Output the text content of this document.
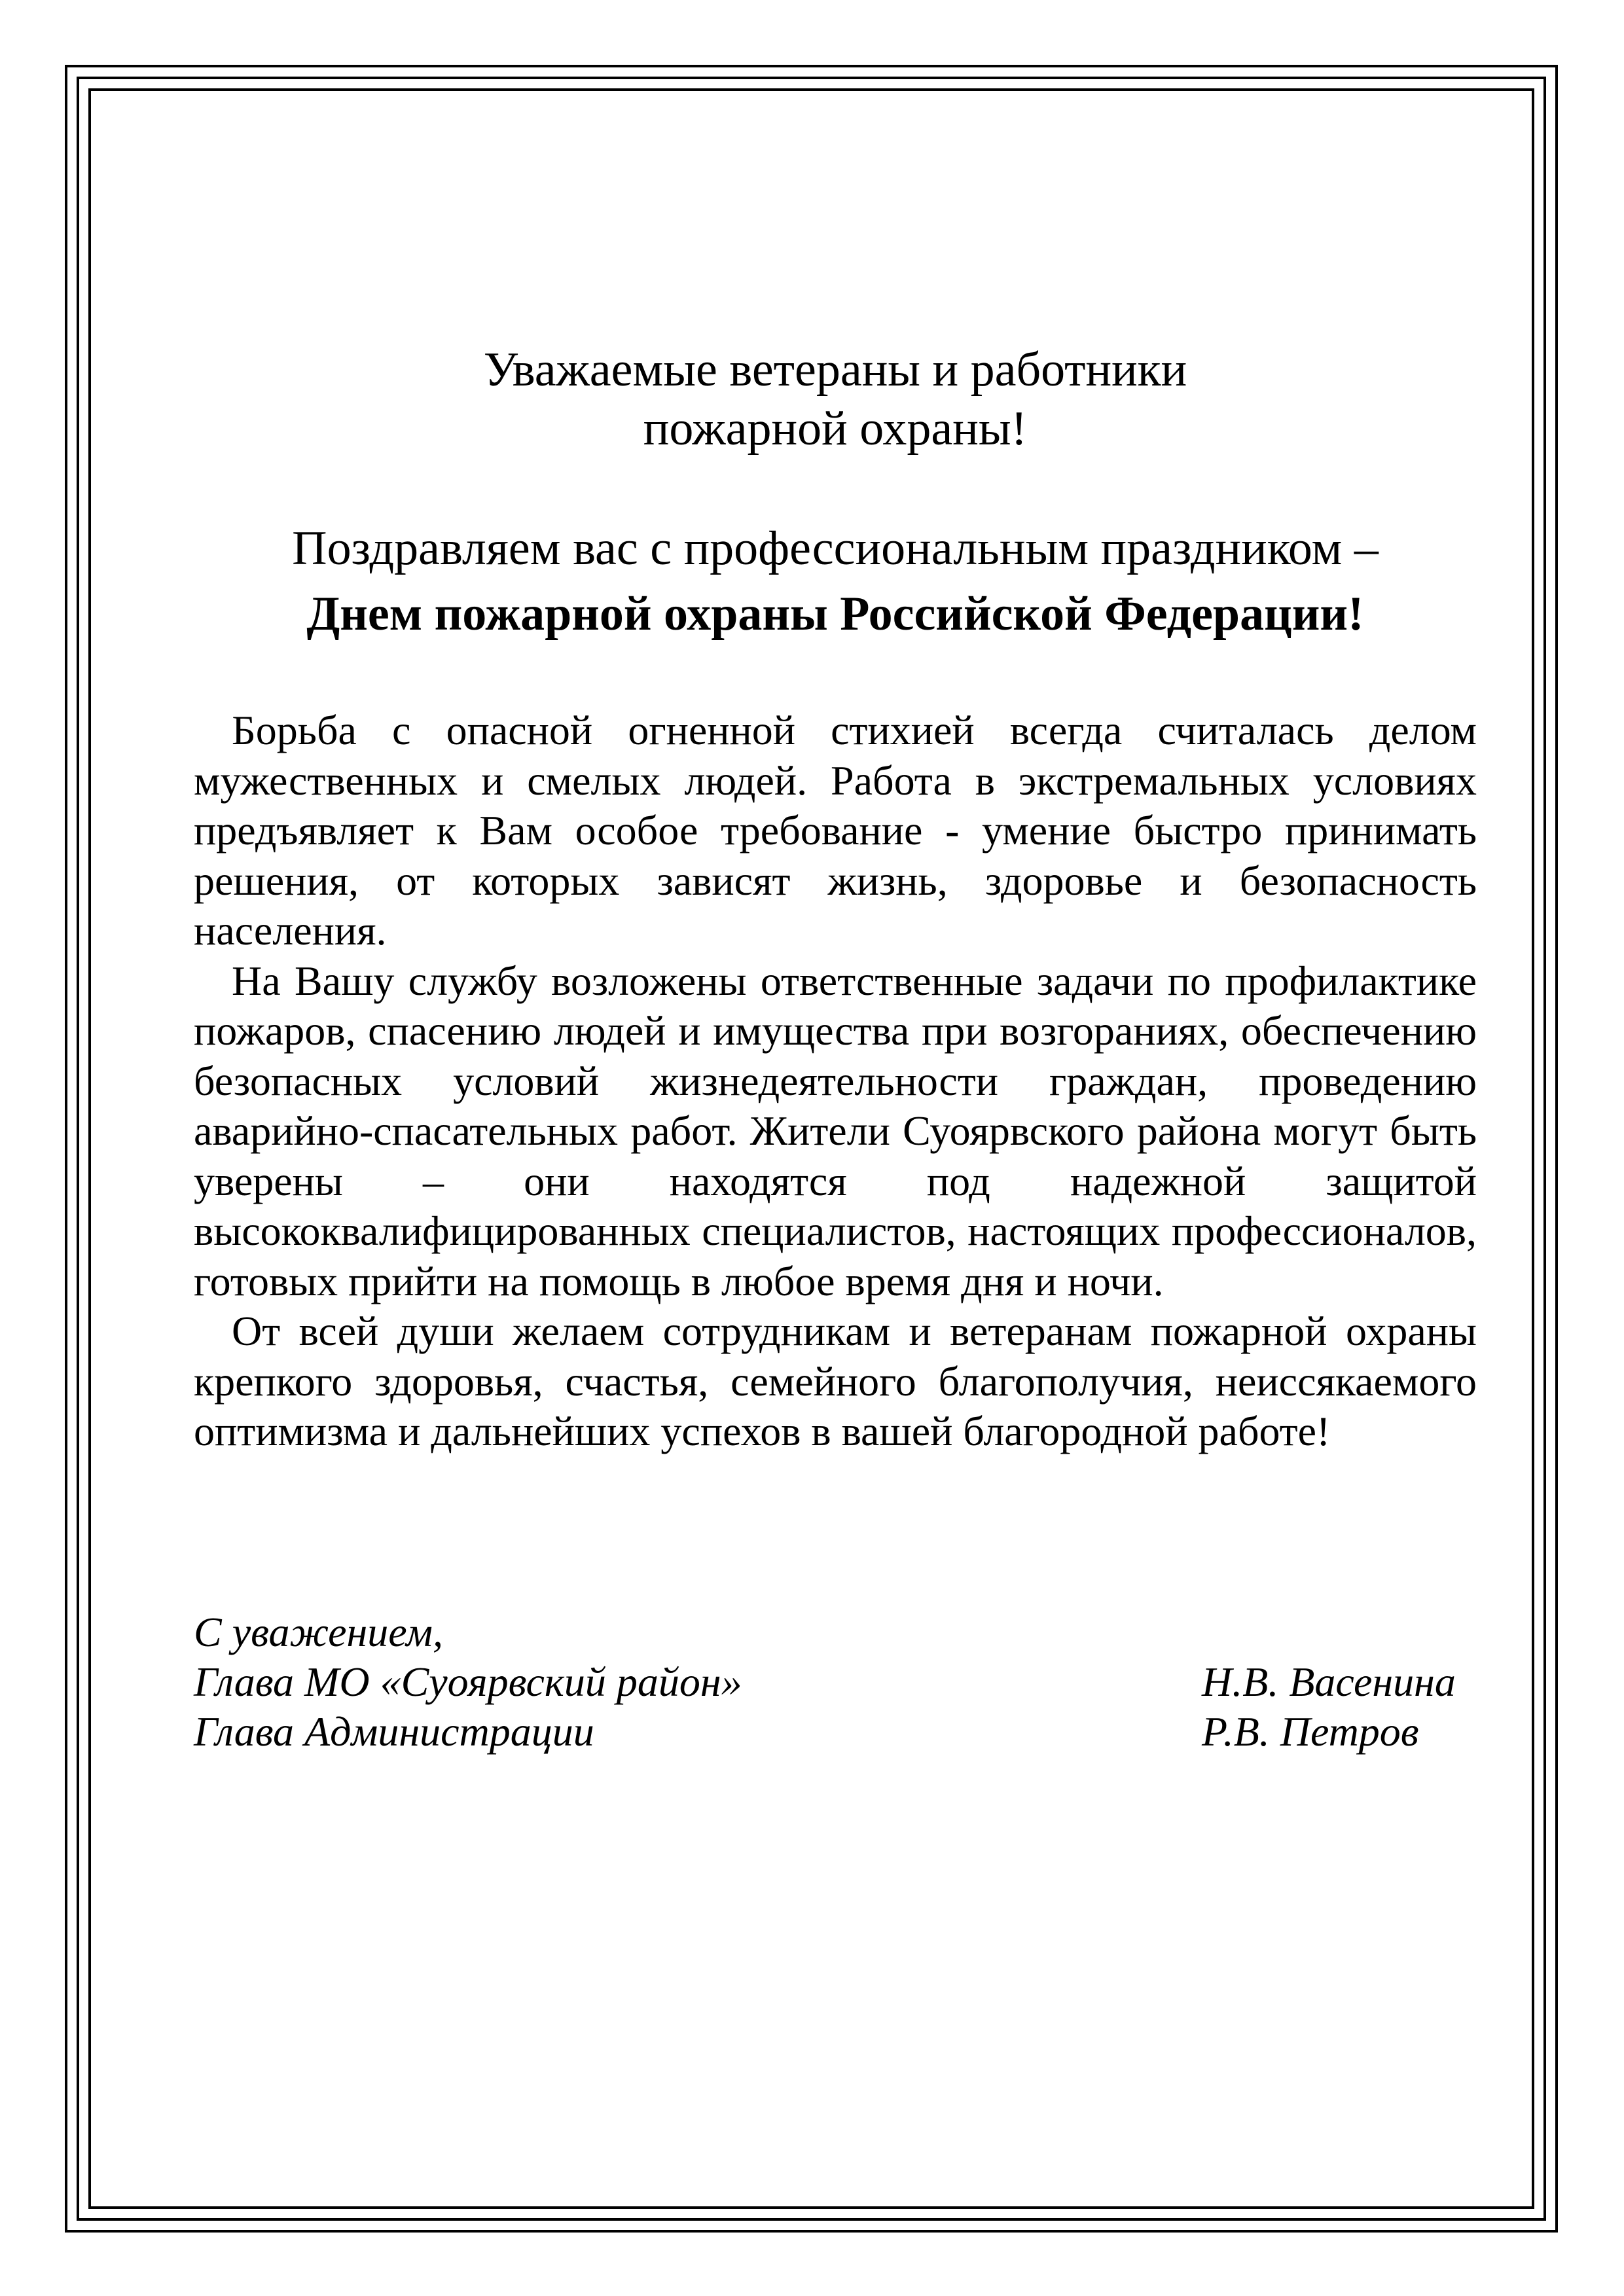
Уважаемые ветераны и работники
пожарной охраны!
Поздравляем вас с профессиональным праздником –
Днем пожарной охраны Российской Федерации!

Борьба с опасной огненной стихией всегда считалась делом мужественных и смелых людей. Работа в экстремальных условиях предъявляет к Вам особое требование - умение быстро принимать решения, от которых зависят жизнь, здоровье и безопасность населения.

На Вашу службу возложены ответственные задачи по профилактике пожаров, спасению людей и имущества при возгораниях, обеспечению безопасных условий жизнедеятельности граждан, проведению аварийно-спасательных работ. Жители Суоярвского района могут быть уверены – они находятся под надежной защитой высококвалифицированных специалистов, настоящих профессионалов, готовых прийти на помощь в любое время дня и ночи.

От всей души желаем сотрудникам и ветеранам пожарной охраны крепкого здоровья, счастья, семейного благополучия, неиссякаемого оптимизма и дальнейших успехов в вашей благородной работе!

С уважением,
Глава МО «Суоярвский район»	Н.В. Васенина
Глава Администрации	Р.В. Петров
